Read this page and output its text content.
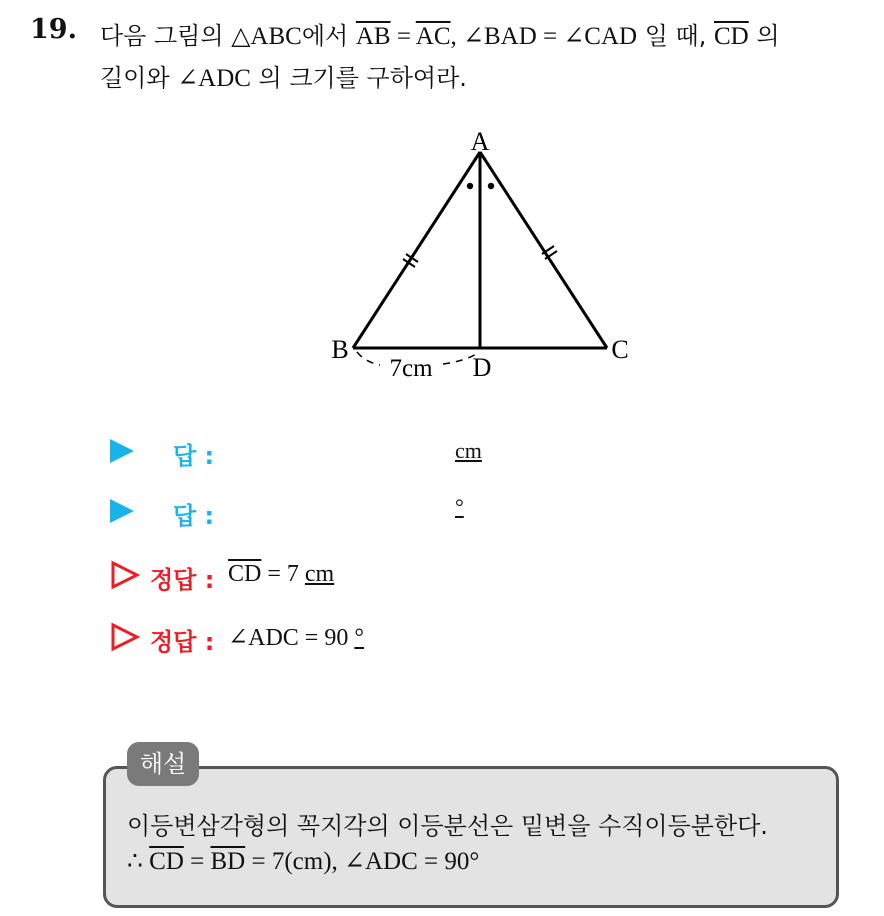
19. 다음 그림의 △ABC에서 $\overline{AB} = \overline{AC}$, ∠BAD = ∠CAD 일 때, $\overline{CD}$ 의
길이와 ∠ADC 의 크기를 구하여라.
A
B	C
D
7cm
답 :	cm
답 :	°
정답 : $\overline{CD} = 7$ cm
정답 : ∠ADC = 90 °
해설
이등변삼각형의 꼭지각의 이등분선은 밑변을 수직이등분한다.
∴ $\overline{CD} = \overline{BD} = 7(cm)$, ∠ADC = 90°
